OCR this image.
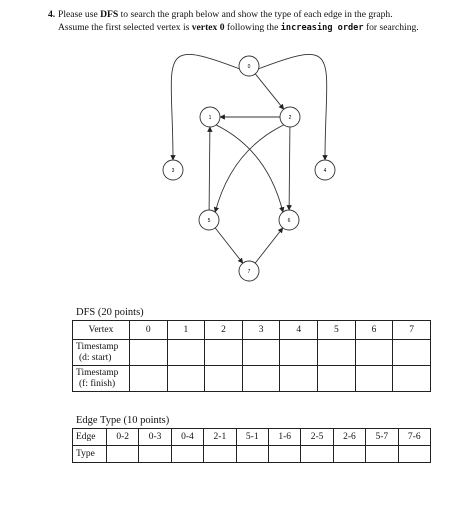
4. Please use DFS to search the graph below and show the type of each edge in the graph.
Assume the first selected vertex is vertex 0 following the increasing order for searching.
0
1	2
3	4
5	6
7
DFS (20 points)
Vertex	0	1	2	3	4	5	6	7

Timestamp
(d: start)								

Timestamp
(f: finish)								

Edge Type (10 points)
Edge	0-2	0-3	0-4	2-1	5-1	1-6	2-5	2-6	5-7	7-6
Type										
